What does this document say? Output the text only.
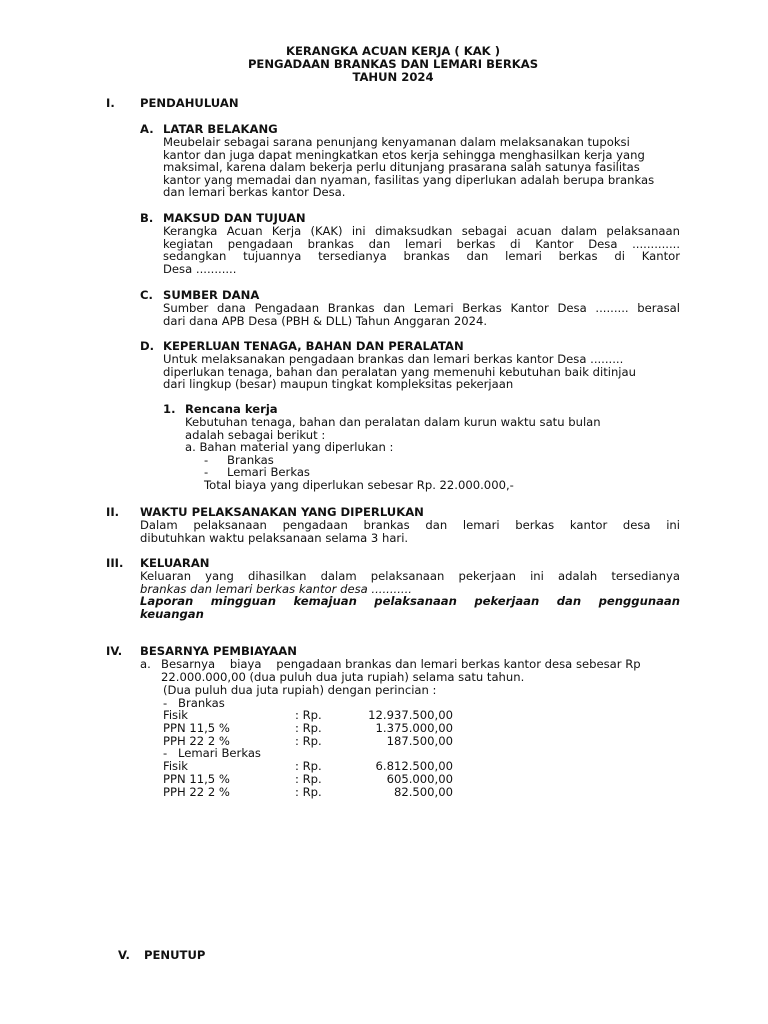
KERANGKA ACUAN KERJA ( KAK )
PENGADAAN BRANKAS DAN LEMARI BERKAS
TAHUN 2024
I. PENDAHULUAN
A. LATAR BELAKANG
Meubelair sebagai sarana penunjang kenyamanan dalam melaksanakan tupoksi
kantor dan juga dapat meningkatkan etos kerja sehingga menghasilkan kerja yang
maksimal, karena dalam bekerja perlu ditunjang prasarana salah satunya fasilitas
kantor yang memadai dan nyaman, fasilitas yang diperlukan adalah berupa brankas
dan lemari berkas kantor Desa.
B. MAKSUD DAN TUJUAN
Kerangka Acuan Kerja (KAK) ini dimaksudkan sebagai acuan dalam pelaksanaan
kegiatan pengadaan brankas dan lemari berkas di Kantor Desa .............
sedangkan tujuannya tersedianya brankas dan lemari berkas di Kantor
Desa ...........
C. SUMBER DANA
Sumber dana Pengadaan Brankas dan Lemari Berkas Kantor Desa ......... berasal
dari dana APB Desa (PBH & DLL) Tahun Anggaran 2024.
D. KEPERLUAN TENAGA, BAHAN DAN PERALATAN
Untuk melaksanakan pengadaan brankas dan lemari berkas kantor Desa .........
diperlukan tenaga, bahan dan peralatan yang memenuhi kebutuhan baik ditinjau
dari lingkup (besar) maupun tingkat kompleksitas pekerjaan
1. Rencana kerja
Kebutuhan tenaga, bahan dan peralatan dalam kurun waktu satu bulan
adalah sebagai berikut :
a. Bahan material yang diperlukan :
- Brankas
- Lemari Berkas
Total biaya yang diperlukan sebesar Rp. 22.000.000,-
II. WAKTU PELAKSANAKAN YANG DIPERLUKAN
Dalam pelaksanaan pengadaan brankas dan lemari berkas kantor desa ini
dibutuhkan waktu pelaksanaan selama 3 hari.
III. KELUARAN
Keluaran yang dihasilkan dalam pelaksanaan pekerjaan ini adalah tersedianya
brankas dan lemari berkas kantor desa ...........
Laporan mingguan kemajuan pelaksanaan pekerjaan dan penggunaan
keuangan
IV. BESARNYA PEMBIAYAAN
a. Besarnya    biaya    pengadaan brankas dan lemari berkas kantor desa sebesar Rp
22.000.000,00 (dua puluh dua juta rupiah) selama satu tahun.
(Dua puluh dua juta rupiah) dengan perincian :
- Brankas
Fisik	: Rp.	12.937.500,00
PPN 11,5 %	: Rp.	1.375.000,00
PPH 22 2 %	: Rp.	187.500,00
- Lemari Berkas
Fisik	: Rp.	6.812.500,00
PPN 11,5 %	: Rp.	605.000,00
PPH 22 2 %	: Rp.	82.500,00
V. PENUTUP
